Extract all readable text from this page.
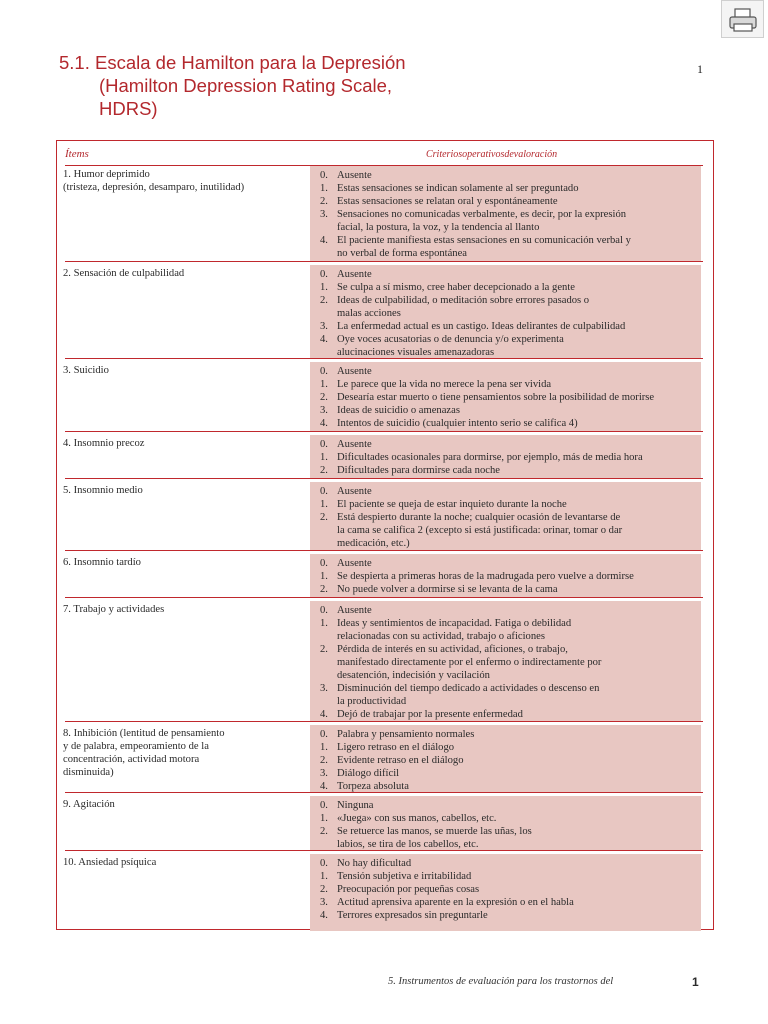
5.1. Escala de Hamilton para la Depresión
(Hamilton Depression Rating Scale,
HDRS)
1
Ítems	Criteriosoperativosdevaloración
1. Humor deprimido
(tristeza, depresión, desamparo, inutilidad)
0. Ausente
1. Estas sensaciones se indican solamente al ser preguntado
2. Estas sensaciones se relatan oral y espontáneamente
3. Sensaciones no comunicadas verbalmente, es decir, por la expresión
facial, la postura, la voz, y la tendencia al llanto
4. El paciente manifiesta estas sensaciones en su comunicación verbal y
no verbal de forma espontánea
2. Sensación de culpabilidad	0. Ausente
1. Se culpa a sí mismo, cree haber decepcionado a la gente
2. Ideas de culpabilidad, o meditación sobre errores pasados o
malas acciones
3. La enfermedad actual es un castigo. Ideas delirantes de culpabilidad
4. Oye voces acusatorias o de denuncia y/o experimenta
alucinaciones visuales amenazadoras
3. Suicidio	0. Ausente
1. Le parece que la vida no merece la pena ser vivida
2. Desearía estar muerto o tiene pensamientos sobre la posibilidad de morirse
3. Ideas de suicidio o amenazas
4. Intentos de suicidio (cualquier intento serio se califica 4)
4. Insomnio precoz	0. Ausente
1. Dificultades ocasionales para dormirse, por ejemplo, más de media hora
2. Dificultades para dormirse cada noche
5. Insomnio medio	0. Ausente
1. El paciente se queja de estar inquieto durante la noche
2. Está despierto durante la noche; cualquier ocasión de levantarse de
la cama se califica 2 (excepto si está justificada: orinar, tomar o dar
medicación, etc.)
6. Insomnio tardío	0. Ausente
1. Se despierta a primeras horas de la madrugada pero vuelve a dormirse
2. No puede volver a dormirse si se levanta de la cama
7. Trabajo y actividades	0. Ausente
1. Ideas y sentimientos de incapacidad. Fatiga o debilidad
relacionadas con su actividad, trabajo o aficiones
2. Pérdida de interés en su actividad, aficiones, o trabajo,
manifestado directamente por el enfermo o indirectamente por
desatención, indecisión y vacilación
3. Disminución del tiempo dedicado a actividades o descenso en
la productividad
4. Dejó de trabajar por la presente enfermedad
8. Inhibición (lentitud de pensamiento
y de palabra, empeoramiento de la
concentración, actividad motora
disminuida)
0. Palabra y pensamiento normales
1. Ligero retraso en el diálogo
2. Evidente retraso en el diálogo
3. Diálogo difícil
4. Torpeza absoluta
9. Agitación	0. Ninguna
1. «Juega» con sus manos, cabellos, etc.
2. Se retuerce las manos, se muerde las uñas, los
labios, se tira de los cabellos, etc.
10. Ansiedad psíquica	0. No hay dificultad
1. Tensión subjetiva e irritabilidad
2. Preocupación por pequeñas cosas
3. Actitud aprensiva aparente en la expresión o en el habla
4. Terrores expresados sin preguntarle
5. Instrumentos de evaluación para los trastornos del	1
